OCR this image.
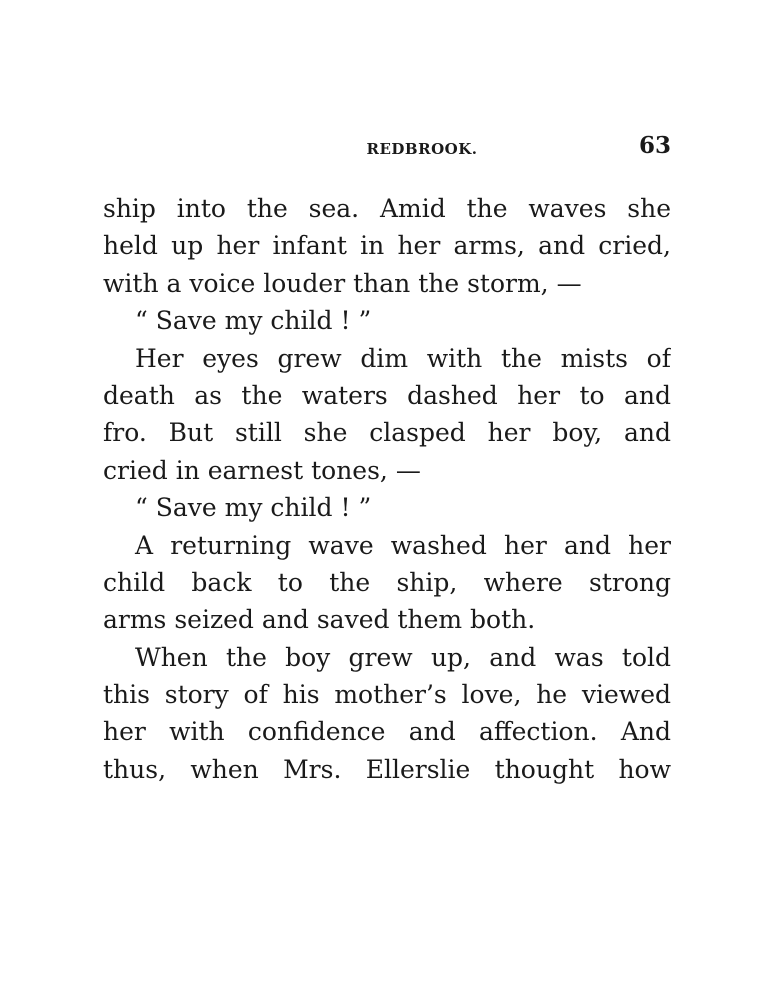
REDBROOK.	63
ship into the sea. Amid the waves she
held up her infant in her arms, and cried,
with a voice louder than the storm, —
“ Save my child ! ”
Her eyes grew dim with the mists of
death as the waters dashed her to and
fro. But still she clasped her boy, and
cried in earnest tones, —
“ Save my child ! ”
A returning wave washed her and her
child back to the ship, where strong
arms seized and saved them both.
When the boy grew up, and was told
this story of his mother’s love, he viewed
her with confidence and affection. And
thus, when Mrs. Ellerslie thought how
